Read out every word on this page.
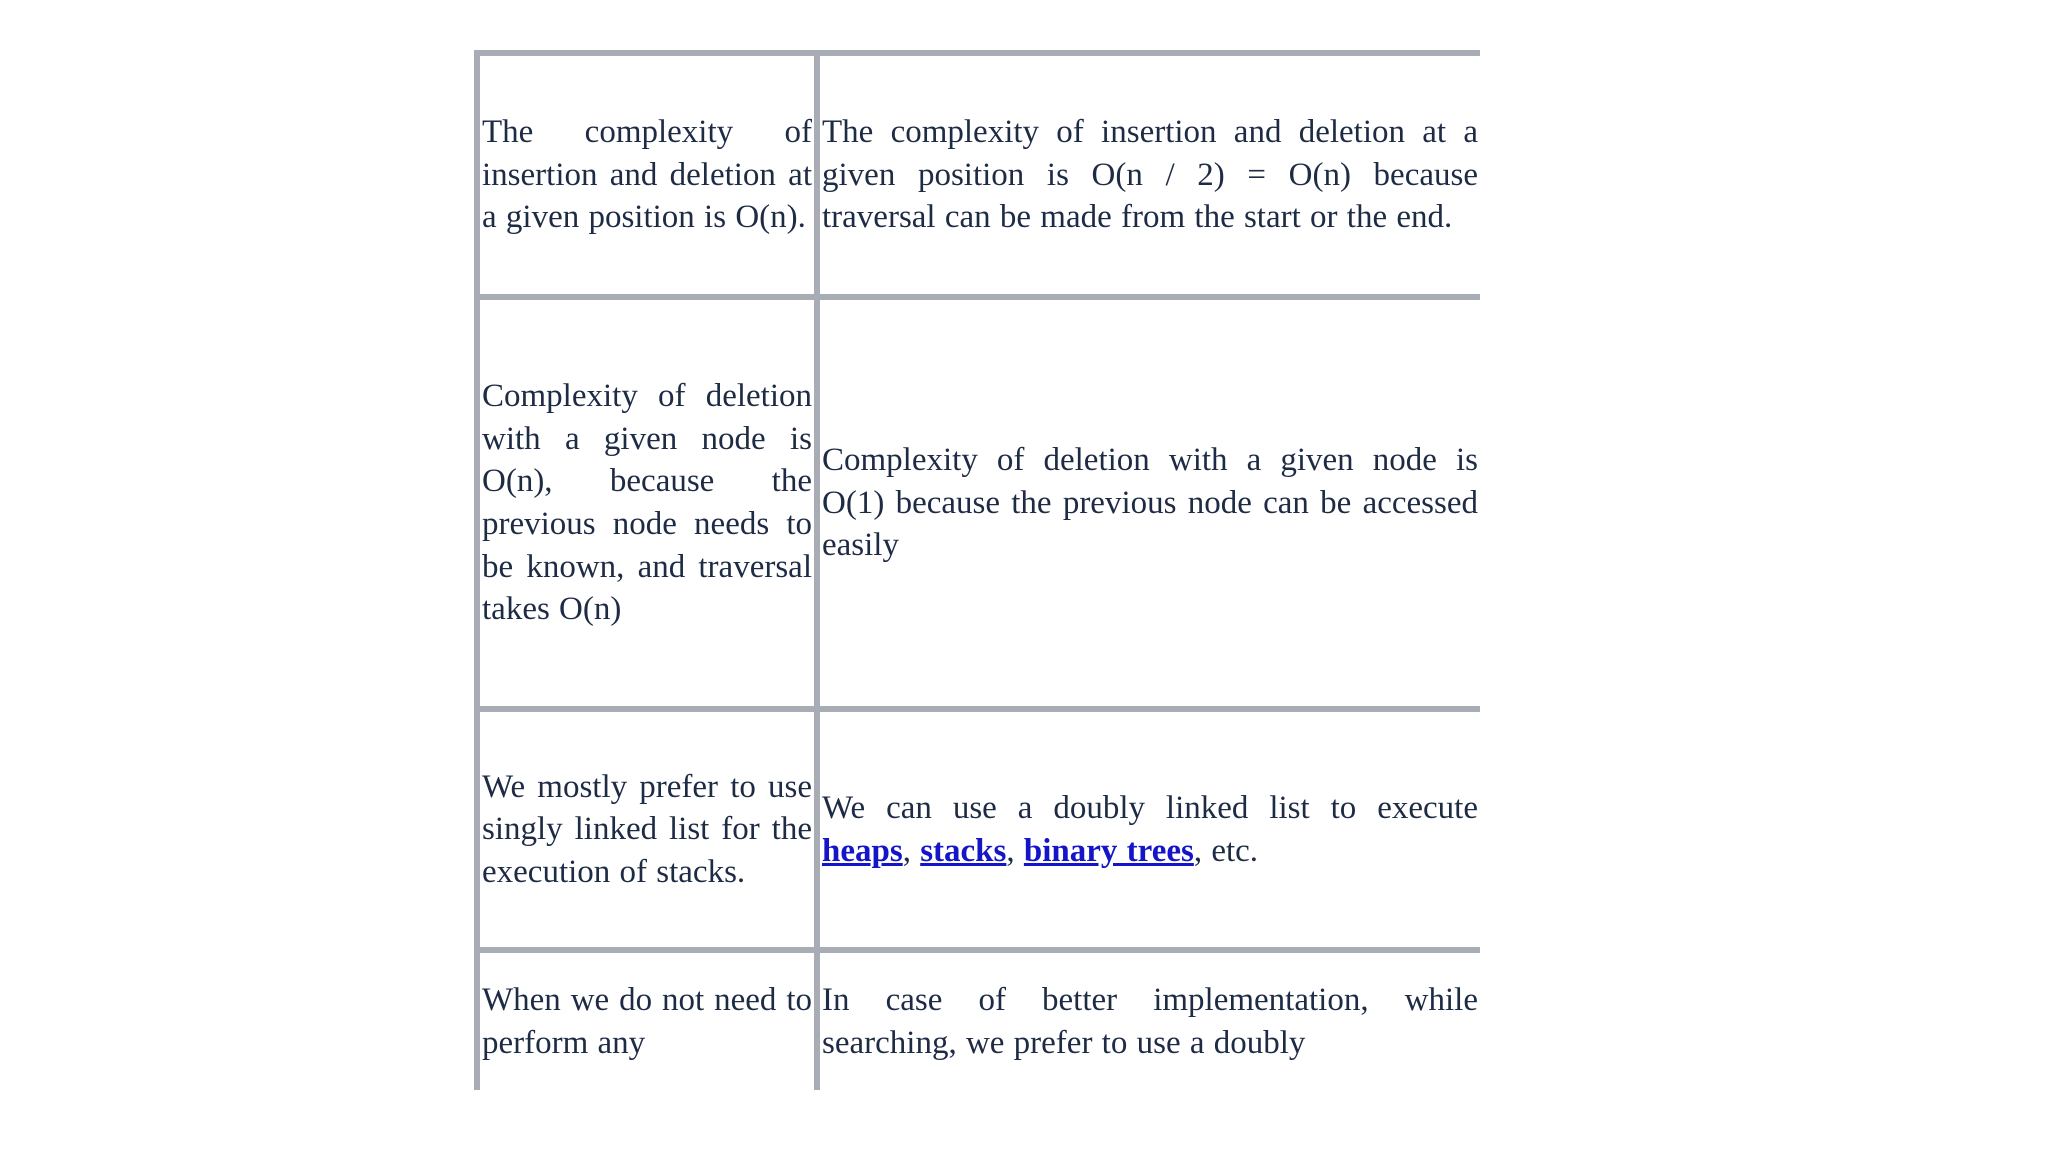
The complexity of insertion and deletion at a given position is O(n).	The complexity of insertion and deletion at a given position is O(n / 2) = O(n) because traversal can be made from the start or the end.
Complexity of deletion with a given node is O(n), because the previous node needs to be known, and traversal takes O(n)	Complexity of deletion with a given node is O(1) because the previous node can be accessed easily
We mostly prefer to use singly linked list for the execution of stacks.	We can use a doubly linked list to execute heaps, stacks, binary trees, etc.
When we do not need to perform any	In case of better implementation, while searching, we prefer to use a doubly
